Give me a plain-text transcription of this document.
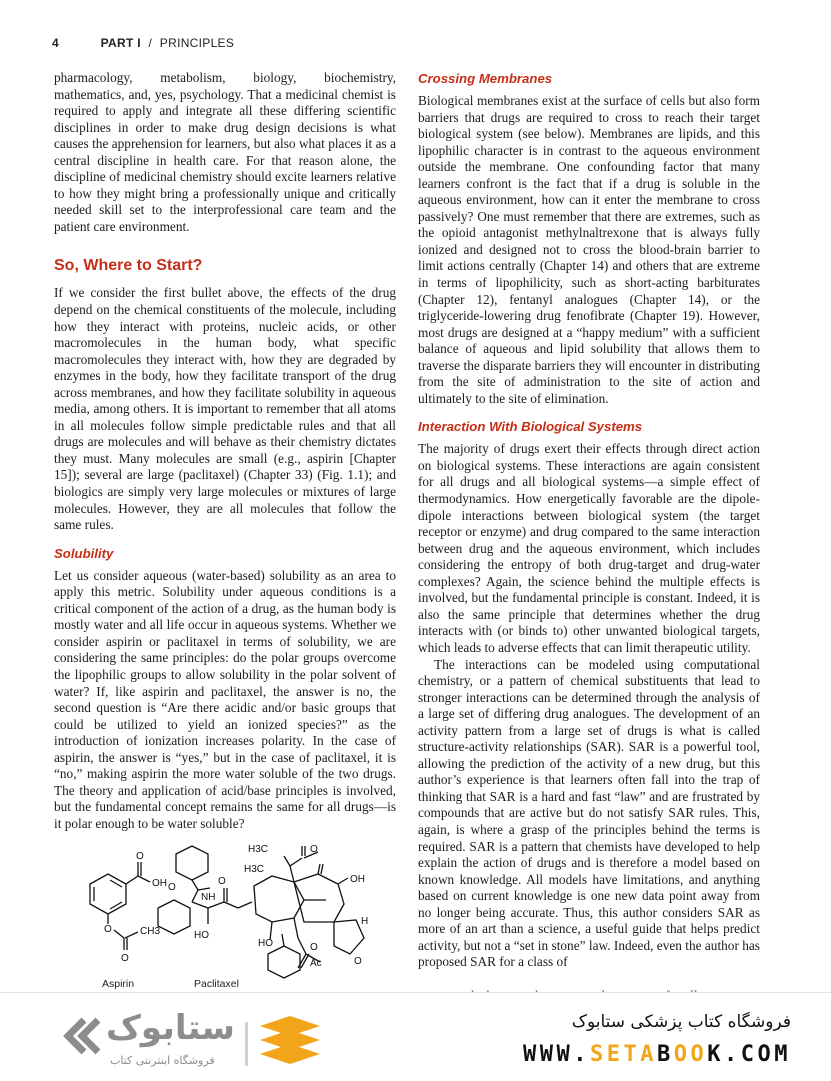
4	PART I / PRINCIPLES

pharmacology, metabolism, biology, biochemistry, mathematics, and, yes, psychology. That a medicinal chemist is required to apply and integrate all these differing scientific disciplines in order to make drug design decisions is what causes the apprehension for learners, but also what places it as a central discipline in health care. For that reason alone, the discipline of medicinal chemistry should excite learners relative to how they might bring a professionally unique and critically needed skill set to the interprofessional care team and the patient care environment.

So, Where to Start?

If we consider the first bullet above, the effects of the drug depend on the chemical constituents of the molecule, including how they interact with proteins, nucleic acids, or other macromolecules in the human body, what specific macromolecules they interact with, how they are degraded by enzymes in the body, how they facilitate transport of the drug across membranes, and how they facilitate solubility in aqueous media, among others. It is important to remember that all atoms in all molecules follow simple predictable rules and that all drugs are molecules and will behave as their chemistry dictates they must. Many molecules are small (e.g., aspirin [Chapter 15]); several are large (paclitaxel) (Chapter 33) (Fig. 1.1); and biologics are simply very large molecules or mixtures of large molecules. However, they are all molecules that follow the same rules.

Solubility

Let us consider aqueous (water-based) solubility as an area to apply this metric. Solubility under aqueous conditions is a critical component of the action of a drug, as the human body is mostly water and all life occur in aqueous systems. Whether we consider aspirin or paclitaxel in terms of solubility, we are considering the same principles: do the polar groups overcome the lipophilic groups to allow solubility in the polar solvent of water? If, like aspirin and paclitaxel, the answer is no, the second question is “Are there acidic and/or basic groups that could be utilized to yield an ionized species?” as the introduction of ionization increases polarity. In the case of aspirin, the answer is “yes,” but in the case of paclitaxel, it is “no,” making aspirin the more water soluble of the two drugs. The theory and application of acid/base principles is involved, but the fundamental concept remains the same for all drugs—is it polar enough to be water soluble?

O
OH
O
O
CH3
O
NH
HO
O
H3C
H3C	O
OH
H
HO	O
Ac	O
Aspirin	Paclitaxel
Crossing Membranes

Biological membranes exist at the surface of cells but also form barriers that drugs are required to cross to reach their target biological system (see below). Membranes are lipids, and this lipophilic character is in contrast to the aqueous environment outside the membrane. One confounding factor that many learners confront is the fact that if a drug is soluble in the aqueous environment, how can it enter the membrane to cross passively? One must remember that there are extremes, such as the opioid antagonist methylnaltrexone that is always fully ionized and designed not to cross the blood-brain barrier to limit actions centrally (Chapter 14) and others that are extreme in terms of lipophilicity, such as short-acting barbiturates (Chapter 12), fentanyl analogues (Chapter 14), or the triglyceride-lowering drug fenofibrate (Chapter 19). However, most drugs are designed at a “happy medium” with a sufficient balance of aqueous and lipid solubility that allows them to traverse the disparate barriers they will encounter in distributing from the site of administration to the site of action and ultimately to the site of elimination.

Interaction With Biological Systems

The majority of drugs exert their effects through direct action on biological systems. These interactions are again consistent for all drugs and all biological systems—a simple effect of thermodynamics. How energetically favorable are the dipole-dipole interactions between biological system (the target receptor or enzyme) and drug compared to the same interaction between drug and the aqueous environment, which includes considering the entropy of both drug-target and drug-water complexes? Again, the science behind the multiple effects is involved, but the fundamental principle is constant. Indeed, it is also the same principle that determines whether the drug interacts with (or binds to) other unwanted biological targets, which leads to adverse effects that can limit therapeutic utility.

The interactions can be modeled using computational chemistry, or a pattern of chemical substituents that lead to stronger interactions can be determined through the analysis of a large set of differing drug analogues. The development of an activity pattern from a large set of drugs is what is called structure-activity relationships (SAR). SAR is a powerful tool, allowing the prediction of the activity of a new drug, but this author’s experience is that learners often fall into the trap of thinking that SAR is a hard and fast “law” and are frustrated by compounds that are active but do not satisfy SAR rules. This, again, is where a grasp of the principles behind the terms is required. SAR is a pattern that chemists have developed to help explain the action of drugs and is therefore a model based on known knowledge. All models have limitations, and anything based on current knowledge is one new data point away from no longer being accurate. Thus, this author considers SAR as more of an art than a science, a useful guide that helps predict activity, but not a “set in stone” law. Indeed, even the author has proposed SAR for a class of

ستابوک
فروشگاه اینترنتی کتاب
فروشگاه کتاب پزشکی ستابوک
WWW.SETABOOK.COM
